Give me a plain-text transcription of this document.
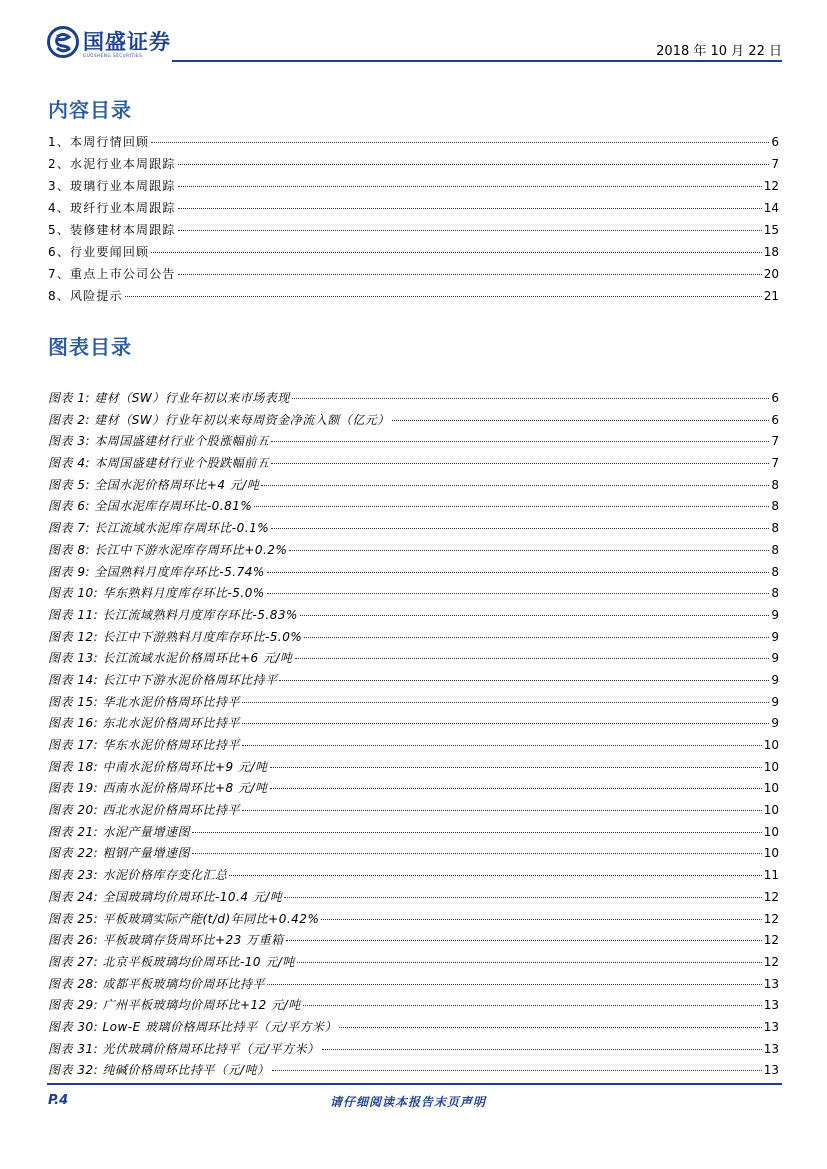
国盛证券
GUOSHENG SECURITIES	2018 年 10 月 22 日
内容目录
1、本周行情回顾	6
2、水泥行业本周跟踪	7
3、玻璃行业本周跟踪	12
4、玻纤行业本周跟踪	14
5、装修建材本周跟踪	15
6、行业要闻回顾	18
7、重点上市公司公告	20
8、风险提示	21
图表目录
图表 1: 建材（SW）行业年初以来市场表现	6
图表 2: 建材（SW）行业年初以来每周资金净流入额（亿元）	6
图表 3: 本周国盛建材行业个股涨幅前五	7
图表 4: 本周国盛建材行业个股跌幅前五	7
图表 5: 全国水泥价格周环比+4 元/吨	8
图表 6: 全国水泥库存周环比-0.81%	8
图表 7: 长江流域水泥库存周环比-0.1%	8
图表 8: 长江中下游水泥库存周环比+0.2%	8
图表 9: 全国熟料月度库存环比-5.74%	8
图表 10: 华东熟料月度库存环比-5.0%	8
图表 11: 长江流域熟料月度库存环比-5.83%	9
图表 12: 长江中下游熟料月度库存环比-5.0%	9
图表 13: 长江流域水泥价格周环比+6 元/吨	9
图表 14: 长江中下游水泥价格周环比持平	9
图表 15: 华北水泥价格周环比持平	9
图表 16: 东北水泥价格周环比持平	9
图表 17: 华东水泥价格周环比持平	10
图表 18: 中南水泥价格周环比+9 元/吨	10
图表 19: 西南水泥价格周环比+8 元/吨	10
图表 20: 西北水泥价格周环比持平	10
图表 21: 水泥产量增速图	10
图表 22: 粗钢产量增速图	10
图表 23: 水泥价格库存变化汇总	11
图表 24: 全国玻璃均价周环比-10.4 元/吨	12
图表 25: 平板玻璃实际产能(t/d)年同比+0.42%	12
图表 26: 平板玻璃存货周环比+23 万重箱	12
图表 27: 北京平板玻璃均价周环比-10 元/吨	12
图表 28: 成都平板玻璃均价周环比持平	13
图表 29: 广州平板玻璃均价周环比+12 元/吨	13
图表 30: Low-E 玻璃价格周环比持平（元/平方米）	13
图表 31: 光伏玻璃价格周环比持平（元/平方米）	13
图表 32: 纯碱价格周环比持平（元/吨）	13
P.4	请仔细阅读本报告末页声明
